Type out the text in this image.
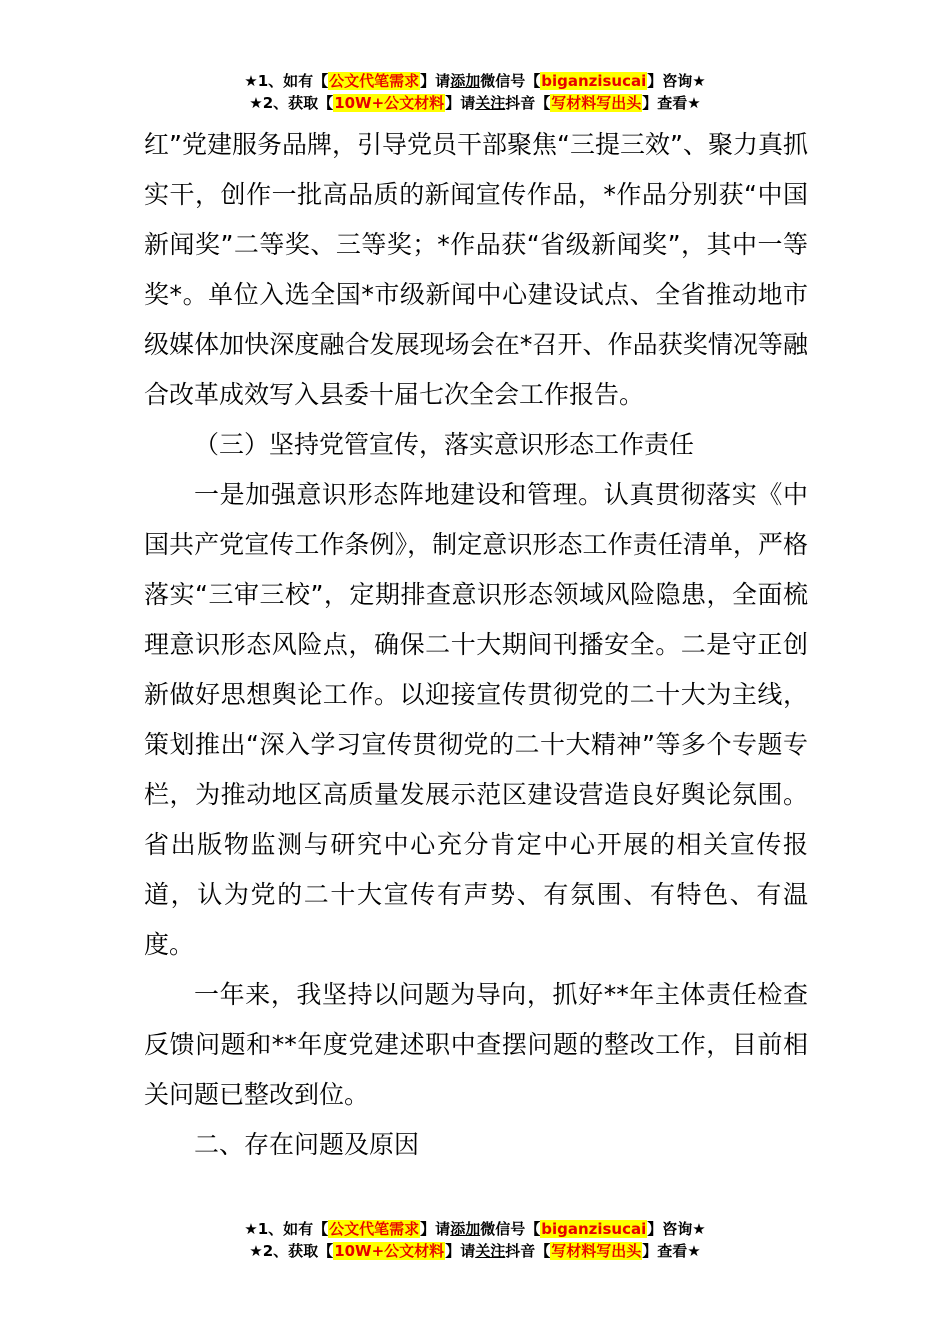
★1、如有【公文代笔需求】请添加微信号【biganzisucai】咨询★
★2、获取【10W+公文材料】请关注抖音【写材料写出头】查看★

红”党建服务品牌，引导党员干部聚焦“三提三效”、聚力真抓实干，创作一批高品质的新闻宣传作品，*作品分别获“中国新闻奖”二等奖、三等奖；*作品获“省级新闻奖”，其中一等奖*。单位入选全国*市级新闻中心建设试点、全省推动地市级媒体加快深度融合发展现场会在*召开、作品获奖情况等融合改革成效写入县委十届七次全会工作报告。

（三）坚持党管宣传，落实意识形态工作责任

一是加强意识形态阵地建设和管理。认真贯彻落实《中国共产党宣传工作条例》，制定意识形态工作责任清单，严格落实“三审三校”，定期排查意识形态领域风险隐患，全面梳理意识形态风险点，确保二十大期间刊播安全。二是守正创新做好思想舆论工作。以迎接宣传贯彻党的二十大为主线，策划推出“深入学习宣传贯彻党的二十大精神”等多个专题专栏，为推动地区高质量发展示范区建设营造良好舆论氛围。省出版物监测与研究中心充分肯定中心开展的相关宣传报道，认为党的二十大宣传有声势、有氛围、有特色、有温度。

一年来，我坚持以问题为导向，抓好**年主体责任检查反馈问题和**年度党建述职中查摆问题的整改工作，目前相关问题已整改到位。

二、存在问题及原因

★1、如有【公文代笔需求】请添加微信号【biganzisucai】咨询★
★2、获取【10W+公文材料】请关注抖音【写材料写出头】查看★
